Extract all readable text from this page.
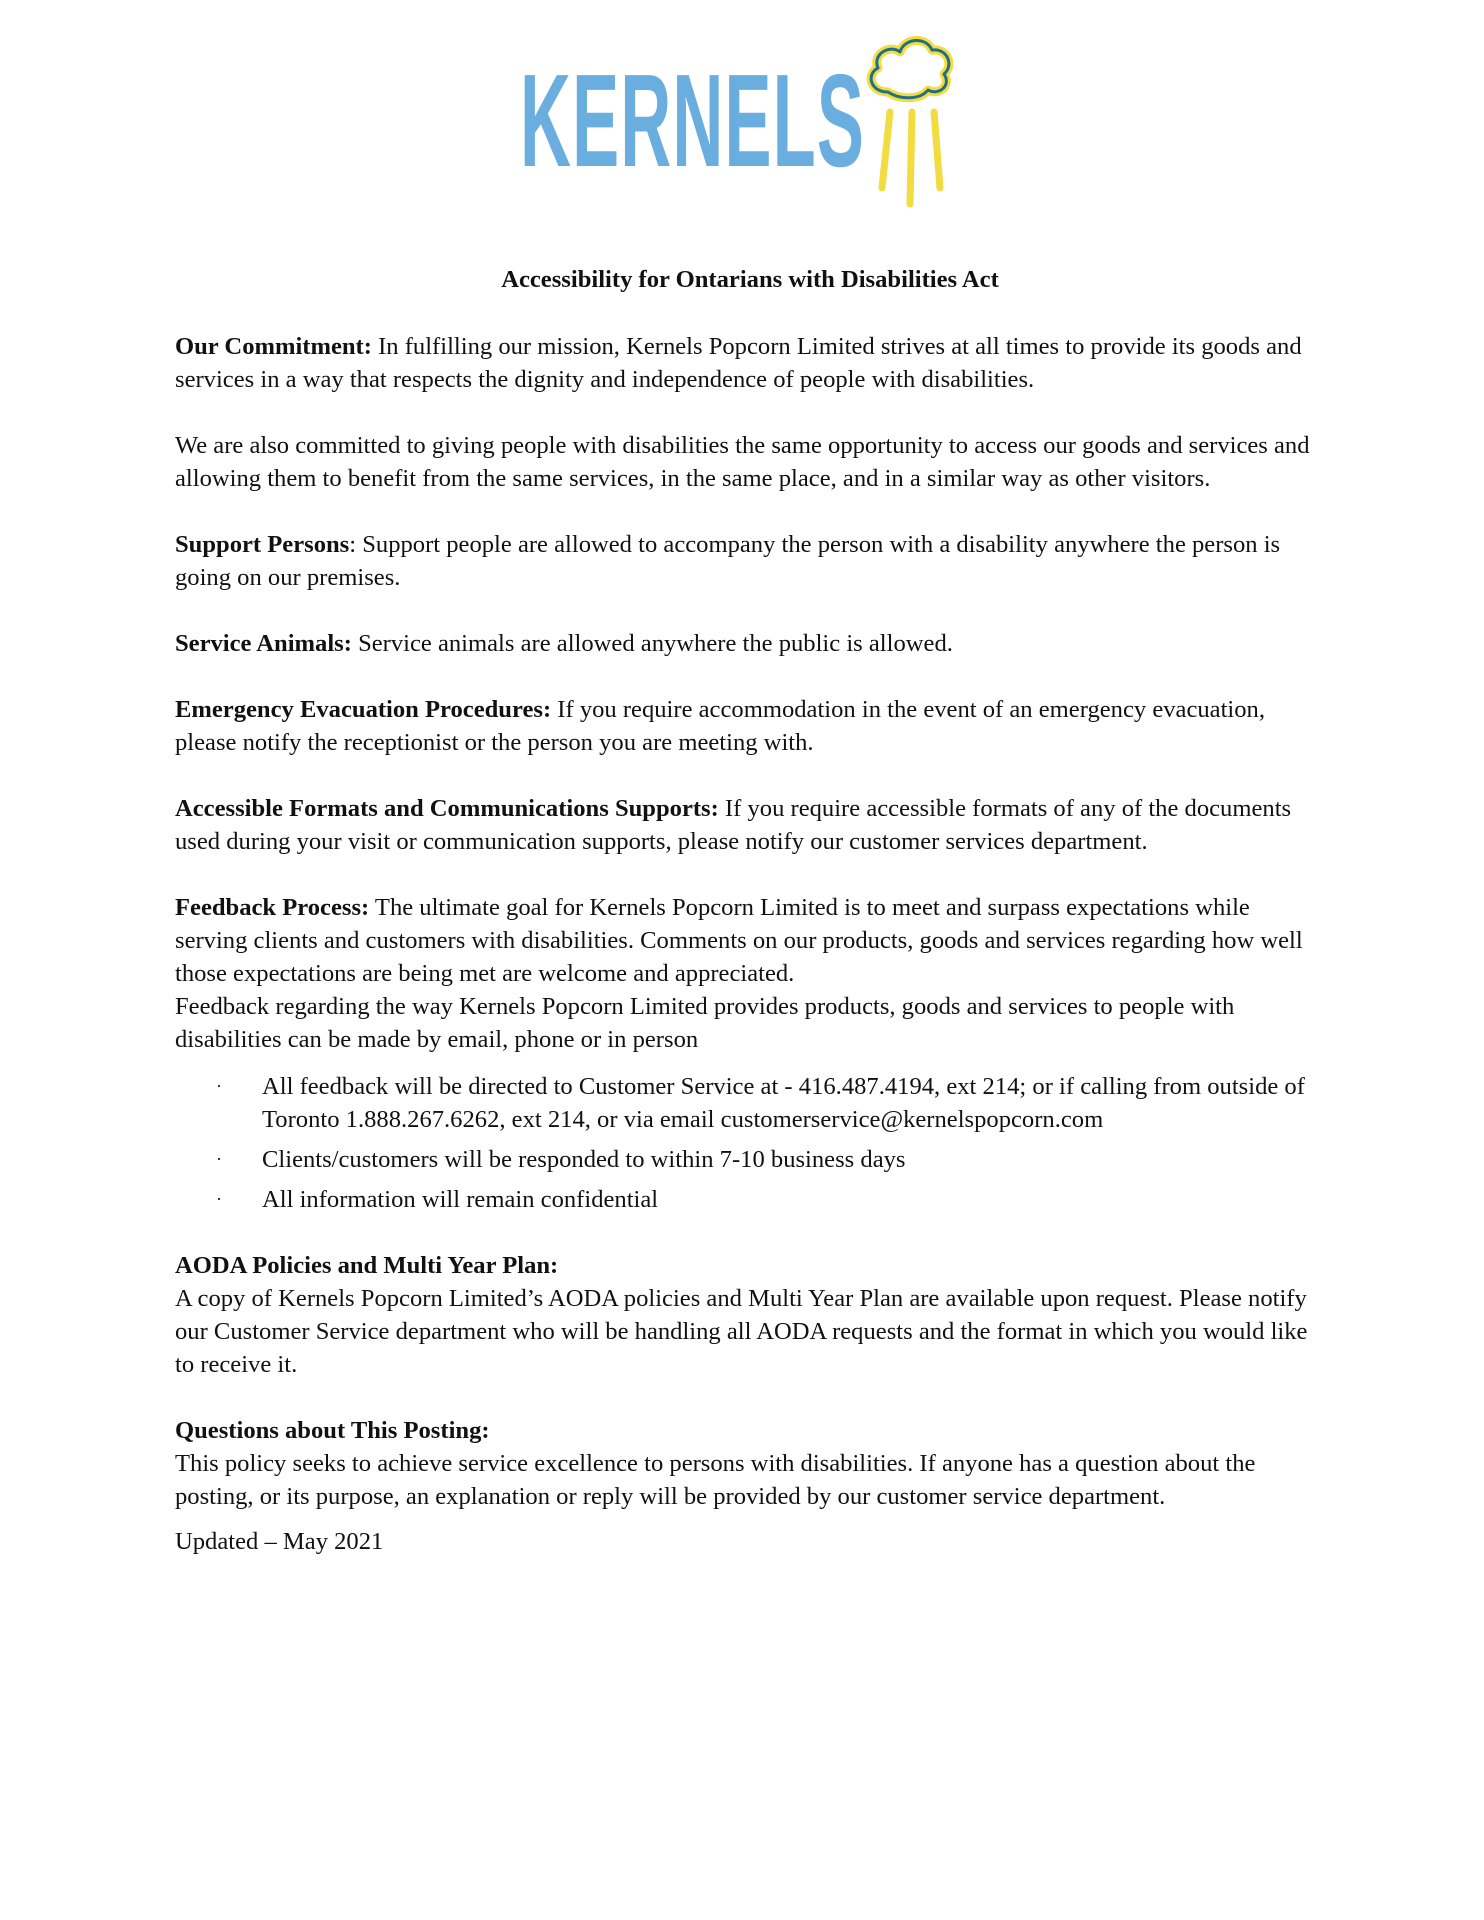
KERNELS
Accessibility for Ontarians with Disabilities Act

Our Commitment: In fulfilling our mission, Kernels Popcorn Limited strives at all times to provide its goods and services in a way that respects the dignity and independence of people with disabilities.

We are also committed to giving people with disabilities the same opportunity to access our goods and services and allowing them to benefit from the same services, in the same place, and in a similar way as other visitors.

Support Persons: Support people are allowed to accompany the person with a disability anywhere the person is going on our premises.

Service Animals: Service animals are allowed anywhere the public is allowed.

Emergency Evacuation Procedures: If you require accommodation in the event of an emergency evacuation, please notify the receptionist or the person you are meeting with.

Accessible Formats and Communications Supports: If you require accessible formats of any of the documents used during your visit or communication supports, please notify our customer services department.

Feedback Process: The ultimate goal for Kernels Popcorn Limited is to meet and surpass expectations while serving clients and customers with disabilities. Comments on our products, goods and services regarding how well those expectations are being met are welcome and appreciated.

Feedback regarding the way Kernels Popcorn Limited provides products, goods and services to people with disabilities can be made by email, phone or in person

· All feedback will be directed to Customer Service at - 416.487.4194, ext 214; or if calling from outside of Toronto 1.888.267.6262, ext 214, or via email customerservice@kernelspopcorn.com
· Clients/customers will be responded to within 7-10 business days
· All information will remain confidential

AODA Policies and Multi Year Plan:

A copy of Kernels Popcorn Limited’s AODA policies and Multi Year Plan are available upon request. Please notify our Customer Service department who will be handling all AODA requests and the format in which you would like to receive it.

Questions about This Posting:

This policy seeks to achieve service excellence to persons with disabilities. If anyone has a question about the posting, or its purpose, an explanation or reply will be provided by our customer service department.

Updated – May 2021
